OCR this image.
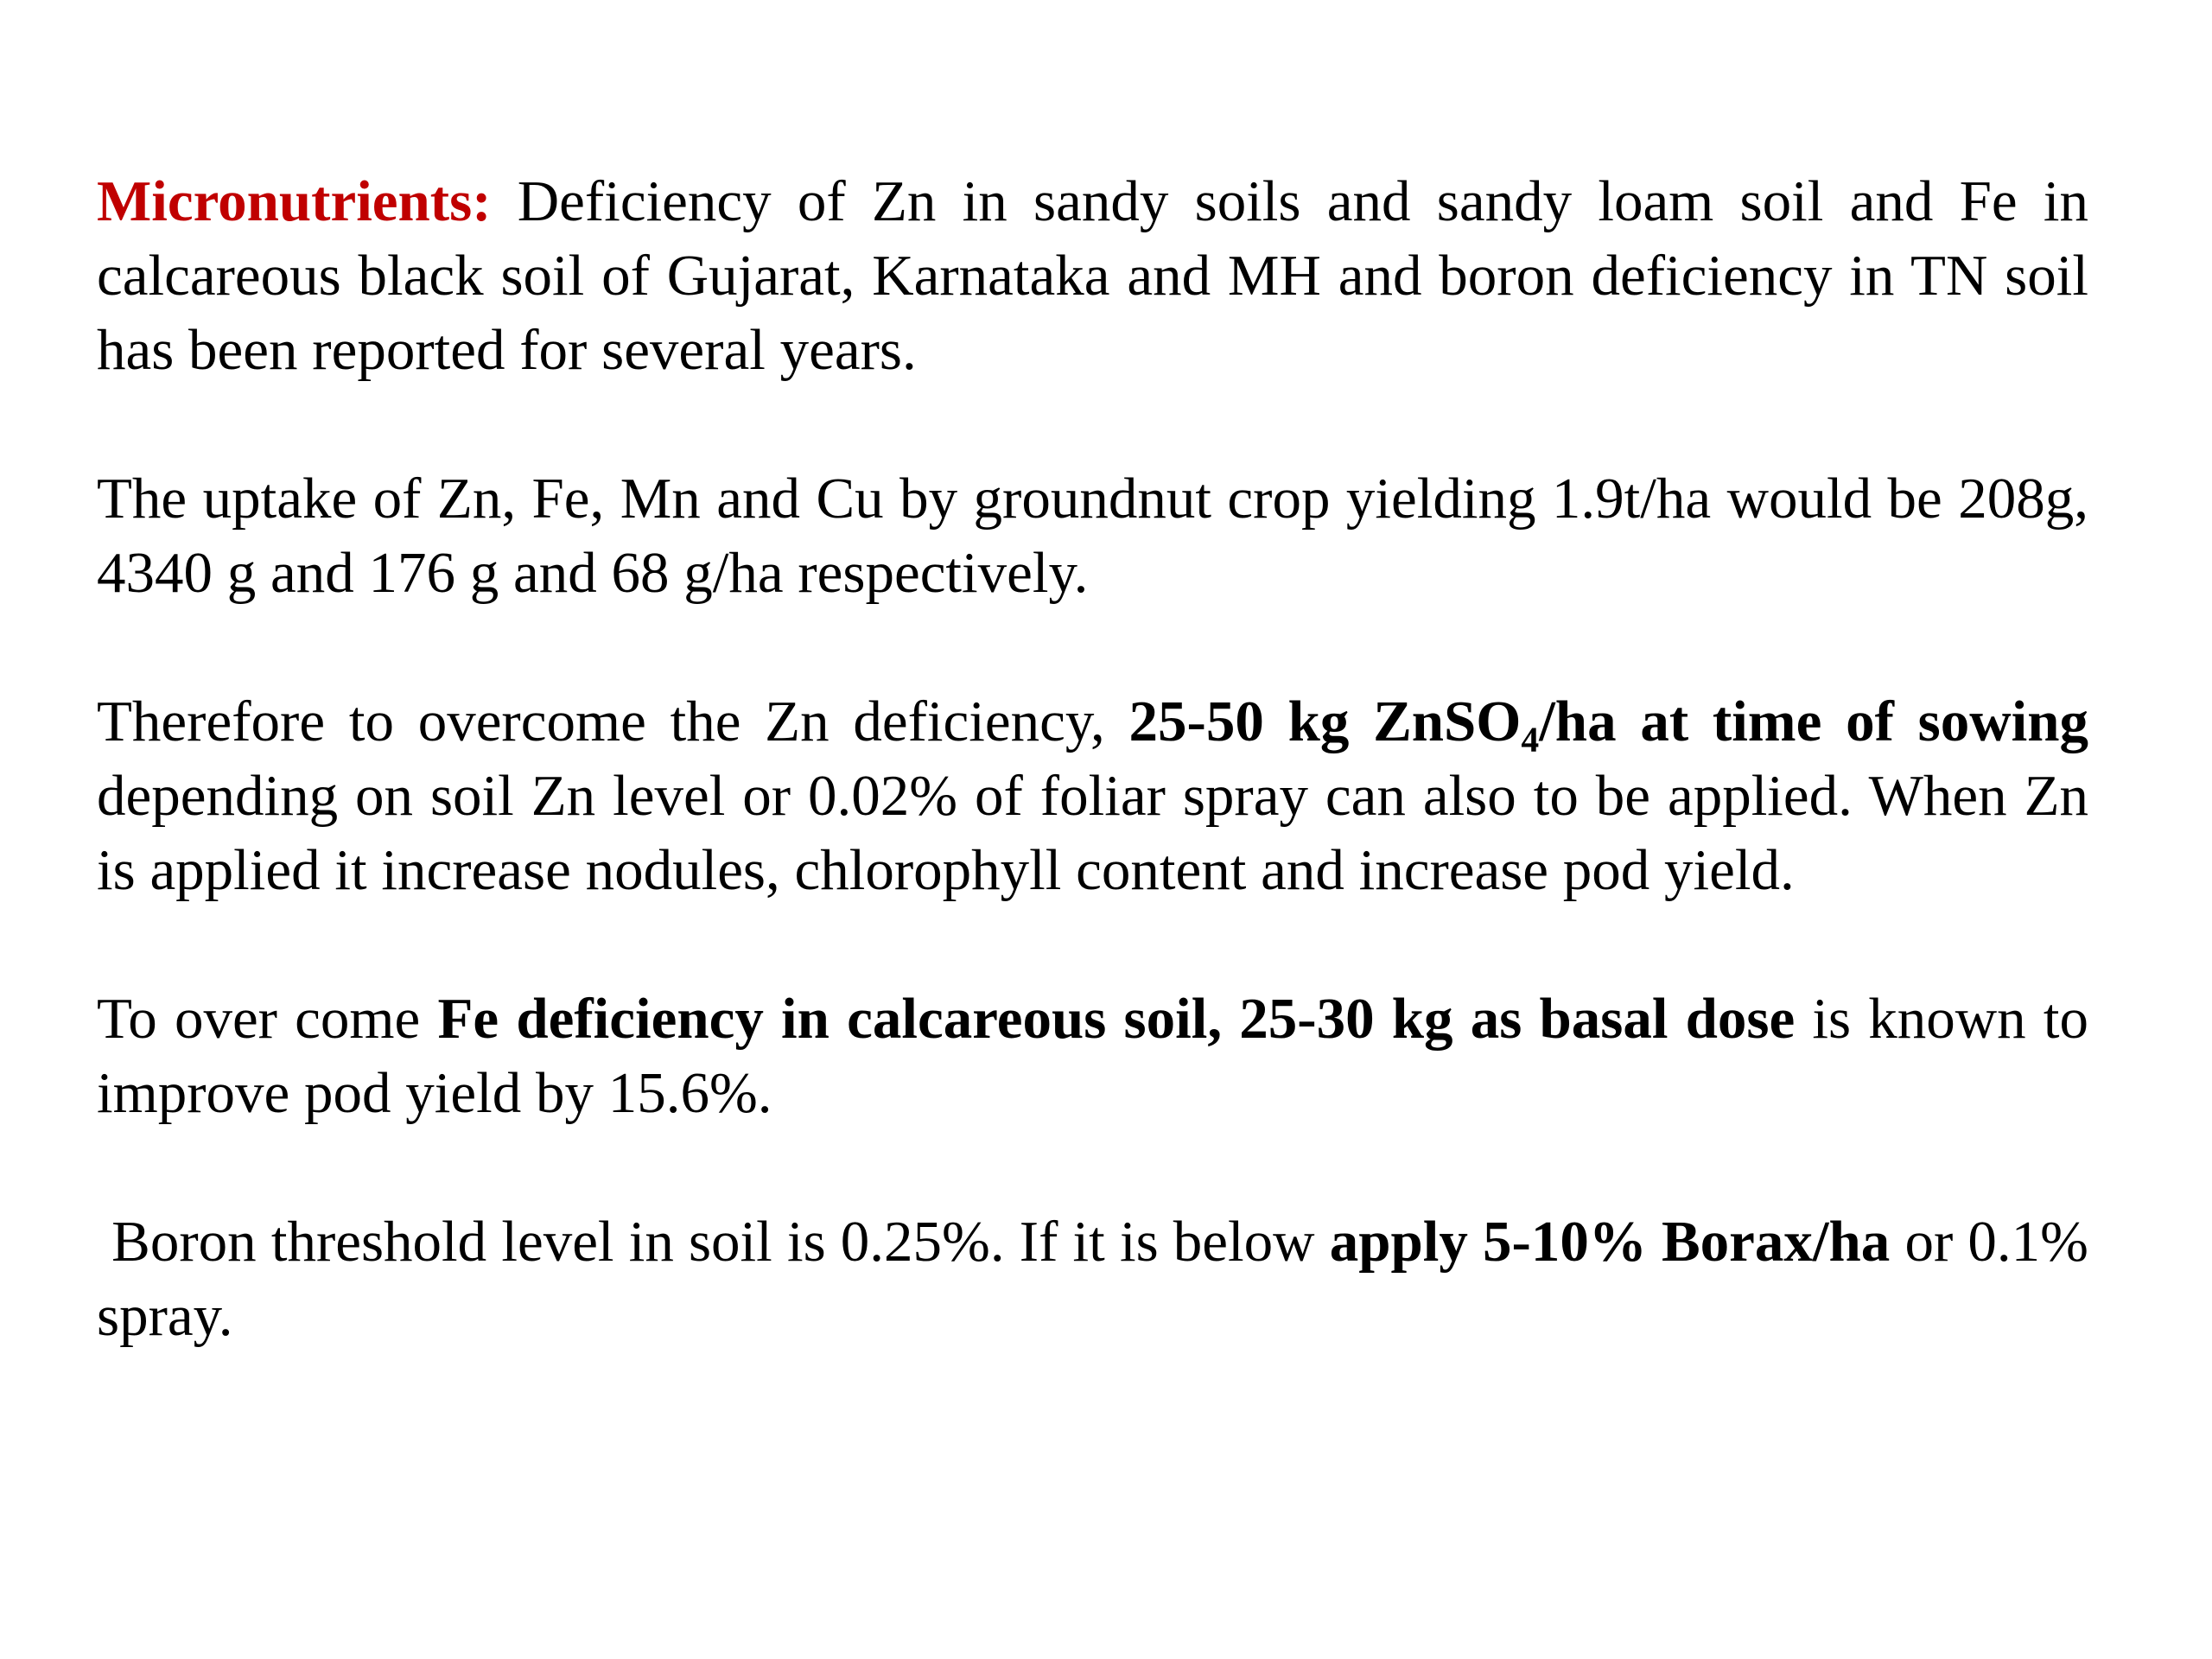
Micronutrients: Deficiency of Zn in sandy soils and sandy loam soil and Fe in calcareous black soil of Gujarat, Karnataka and MH and boron deficiency in TN soil has been reported for several years.

The uptake of Zn, Fe, Mn and Cu by groundnut crop yielding 1.9t/ha would be 208g, 4340 g and 176 g and 68 g/ha respectively.

Therefore to overcome the Zn deficiency, 25-50 kg ZnSO$_4$/ha at time of sowing depending on soil Zn level or 0.02% of foliar spray can also to be applied. When Zn is applied it increase nodules, chlorophyll content and increase pod yield.

To over come Fe deficiency in calcareous soil, 25-30 kg as basal dose is known to improve pod yield by 15.6%.

Boron threshold level in soil is 0.25%. If it is below apply 5-10% Borax/ha or 0.1% spray.
